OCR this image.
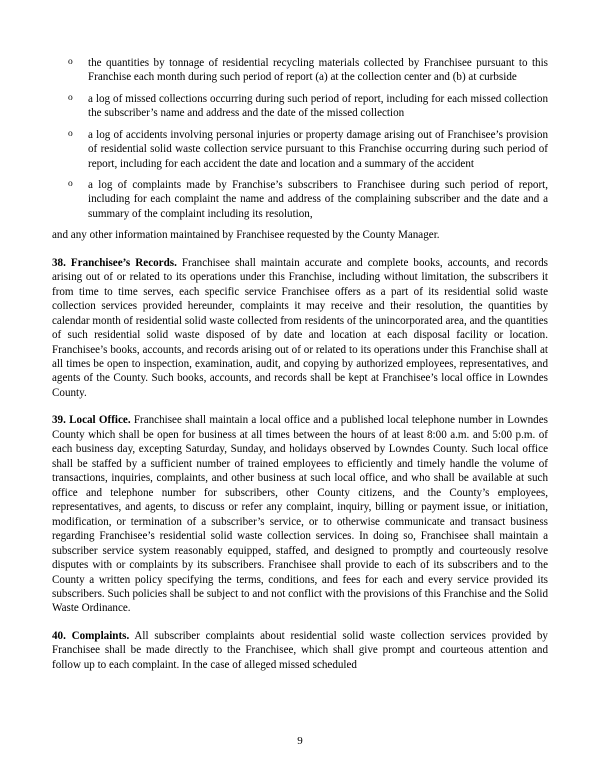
o the quantities by tonnage of residential recycling materials collected by Franchisee pursuant to this Franchise each month during such period of report (a) at the collection center and (b) at curbside
o a log of missed collections occurring during such period of report, including for each missed collection the subscriber’s name and address and the date of the missed collection
o a log of accidents involving personal injuries or property damage arising out of Franchisee’s provision of residential solid waste collection service pursuant to this Franchise occurring during such period of report, including for each accident the date and location and a summary of the accident
o a log of complaints made by Franchise’s subscribers to Franchisee during such period of report, including for each complaint the name and address of the complaining subscriber and the date and a summary of the complaint including its resolution,

and any other information maintained by Franchisee requested by the County Manager.

38. Franchisee’s Records. Franchisee shall maintain accurate and complete books, accounts, and records arising out of or related to its operations under this Franchise, including without limitation, the subscribers it from time to time serves, each specific service Franchisee offers as a part of its residential solid waste collection services provided hereunder, complaints it may receive and their resolution, the quantities by calendar month of residential solid waste collected from residents of the unincorporated area, and the quantities of such residential solid waste disposed of by date and location at each disposal facility or location. Franchisee’s books, accounts, and records arising out of or related to its operations under this Franchise shall at all times be open to inspection, examination, audit, and copying by authorized employees, representatives, and agents of the County. Such books, accounts, and records shall be kept at Franchisee’s local office in Lowndes County.

39. Local Office. Franchisee shall maintain a local office and a published local telephone number in Lowndes County which shall be open for business at all times between the hours of at least 8:00 a.m. and 5:00 p.m. of each business day, excepting Saturday, Sunday, and holidays observed by Lowndes County. Such local office shall be staffed by a sufficient number of trained employees to efficiently and timely handle the volume of transactions, inquiries, complaints, and other business at such local office, and who shall be available at such office and telephone number for subscribers, other County citizens, and the County’s employees, representatives, and agents, to discuss or refer any complaint, inquiry, billing or payment issue, or initiation, modification, or termination of a subscriber’s service, or to otherwise communicate and transact business regarding Franchisee’s residential solid waste collection services. In doing so, Franchisee shall maintain a subscriber service system reasonably equipped, staffed, and designed to promptly and courteously resolve disputes with or complaints by its subscribers. Franchisee shall provide to each of its subscribers and to the County a written policy specifying the terms, conditions, and fees for each and every service provided its subscribers. Such policies shall be subject to and not conflict with the provisions of this Franchise and the Solid Waste Ordinance.

40. Complaints. All subscriber complaints about residential solid waste collection services provided by Franchisee shall be made directly to the Franchisee, which shall give prompt and courteous attention and follow up to each complaint. In the case of alleged missed scheduled

9
